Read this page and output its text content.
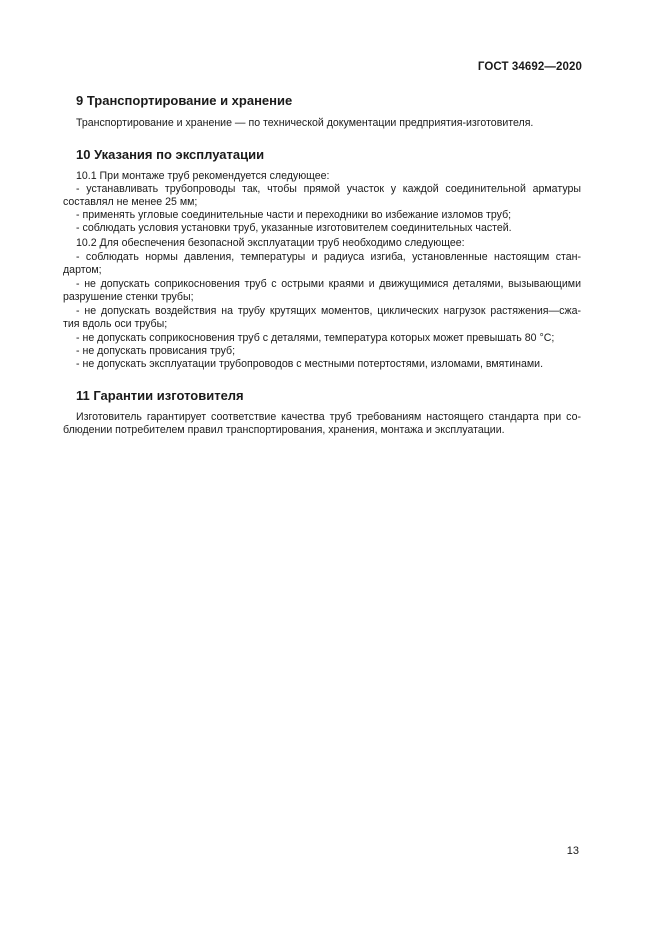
ГОСТ 34692—2020
9 Транспортирование и хранение
Транспортирование и хранение — по технической документации предприятия-изготовителя.
10 Указания по эксплуатации
10.1 При монтаже труб рекомендуется следующее:
- устанавливать трубопроводы так, чтобы прямой участок у каждой соединительной арматуры
составлял не менее 25 мм;
- применять угловые соединительные части и переходники во избежание изломов труб;
- соблюдать условия установки труб, указанные изготовителем соединительных частей.
10.2 Для обеспечения безопасной эксплуатации труб необходимо следующее:
- соблюдать нормы давления, температуры и радиуса изгиба, установленные настоящим стан-
дартом;
- не допускать соприкосновения труб с острыми краями и движущимися деталями, вызывающими
разрушение стенки трубы;
- не допускать воздействия на трубу крутящих моментов, циклических нагрузок растяжения—сжа-
тия вдоль оси трубы;
- не допускать соприкосновения труб с деталями, температура которых может превышать 80 °С;
- не допускать провисания труб;
- не допускать эксплуатации трубопроводов с местными потертостями, изломами, вмятинами.
11 Гарантии изготовителя
Изготовитель гарантирует соответствие качества труб требованиям настоящего стандарта при со-
блюдении потребителем правил транспортирования, хранения, монтажа и эксплуатации.
13
